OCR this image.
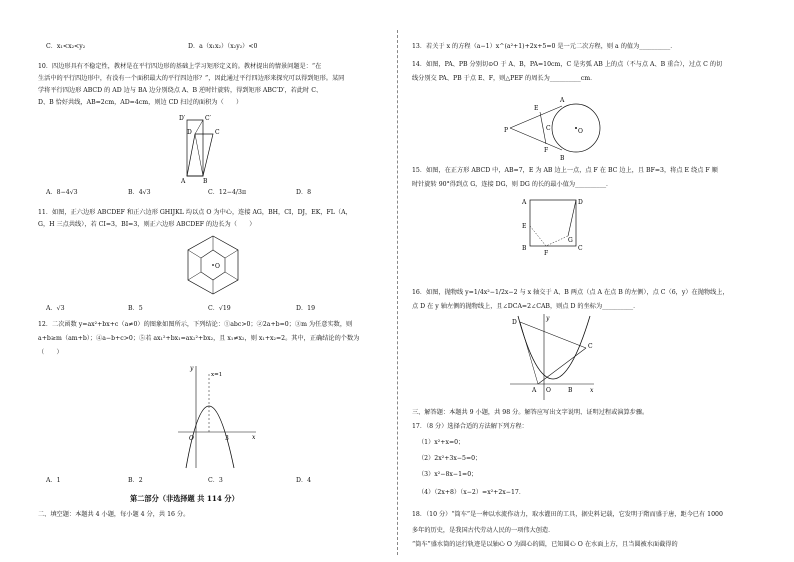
C．x₁<x₂<y₂	D．a（x₁x₂）（x₂y₂）<0
10．四边形具有不稳定性，教材是在平行四边形的基础上学习矩形定义的。教材提出的情景问题是：“在
生活中的平行四边形中，有没有一个面积最大的平行四边形？”，因此通过平行四边形来探究可以得到矩形。某同
学将平行四边形 ABCD 的 AD 边与 BA 边分别绕点 A、B 逆时针旋转，得到矩形 ABC′D′，若此时 C、
D、B 恰好共线，AB=2cm，AD=4cm，则边 CD 扫过的面积为（　　）
D′	C′
D	C
A	B
A．8−4√3	B．4√3	C．12−4/3π	D．8
11．如图，正六边形 ABCDEF 和正六边形 GHIJKL 均以点 O 为中心，连接 AG，BH，CI，DJ，EK，FL（A，
G，H 三点共线），若 CI=3，BI=3，则正六边形 ABCDEF 的边长为（　　）
O
A．√3	B．5	C．√19	D．19
12．二次函数 y=ax²+bx+c（a≠0）的图象如图所示，下列结论：①abc>0；②2a+b=0；③m 为任意实数，则
a+b≥m（am+b）；④a−b+c>0；⑤若 ax₁²+bx₁=ax₂²+bx₂，且 x₁≠x₂，则 x₁+x₂=2。其中，正确结论的个数为
（　　）
x
y
O
x=1
3
A．1	B．2	C．3	D．4
第二部分（非选择题 共 114 分）
二、填空题：本题共 4 小题，每小题 4 分，共 16 分。
13．若关于 x 的方程（a−1）x^(a²+1)+2x+5=0 是一元二次方程，则 a 的值为__________．
14．如图，PA、PB 分别切⊙O 于 A、B，PA=10cm，C 是劣弧 AB 上的点（不与点 A、B 重合），过点 C 的切
线分别交 PA、PB 于点 E、F，则△PEF 的周长为__________cm．
P
A
B
C
E
F
O
15．如图，在正方形 ABCD 中，AB=7，E 为 AB 边上一点，点 F 在 BC 边上，且 BF=3，将点 E 绕点 F 顺
时针旋转 90°得到点 G，连接 DG，则 DG 的长的最小值为__________．
A	D
E
B
F
C
G
16．如图，抛物线 y=1/4x²−1/2x−2 与 x 轴交于 A、B 两点（点 A 在点 B 的左侧），点 C（6，y）在抛物线上，
点 D 在 y 轴左侧的抛物线上，且∠DCA=2∠CAB，则点 D 的坐标为__________．
D
C
A O	B	x
y
三、解答题：本题共 9 小题，共 98 分。解答应写出文字说明、证明过程或演算步骤。
17．（8 分）选择合适的方法解下列方程：
（1）x²+x=0；
（2）2x²+3x−5=0；
（3）x²−8x−1=0；
（4）（2x+8）（x−2）=x²+2x−17．
18．（10 分）“筒车”是一种以水流作动力，取水灌田的工具，据史料记载，它发明于隋而盛于唐，距今已有 1000
多年的历史，是我国古代劳动人民的一项伟大创造．
“筒车”盛水筒的运行轨迹是以轴心 O 为圆心的圆，已知圆心 O 在水面上方，且当圆被水面截得的
